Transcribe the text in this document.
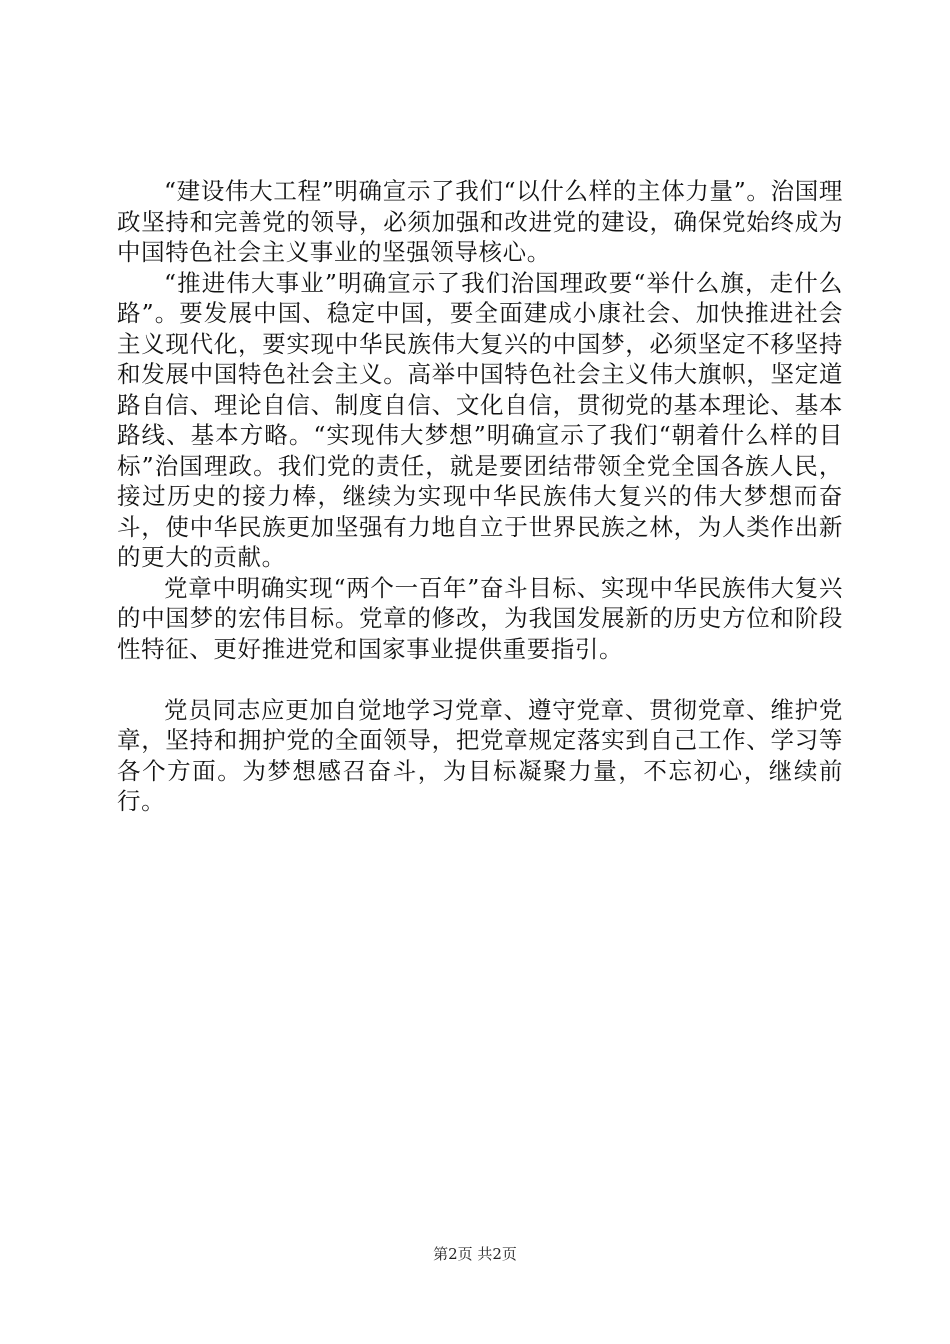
“建设伟大工程”明确宣示了我们“以什么样的主体力量”。治国理政坚持和完善党的领导，必须加强和改进党的建设，确保党始终成为中国特色社会主义事业的坚强领导核心。

“推进伟大事业”明确宣示了我们治国理政要“举什么旗，走什么路”。要发展中国、稳定中国，要全面建成小康社会、加快推进社会主义现代化，要实现中华民族伟大复兴的中国梦，必须坚定不移坚持和发展中国特色社会主义。高举中国特色社会主义伟大旗帜，坚定道路自信、理论自信、制度自信、文化自信，贯彻党的基本理论、基本路线、基本方略。“实现伟大梦想”明确宣示了我们“朝着什么样的目标”治国理政。我们党的责任，就是要团结带领全党全国各族人民，接过历史的接力棒，继续为实现中华民族伟大复兴的伟大梦想而奋斗，使中华民族更加坚强有力地自立于世界民族之林，为人类作出新的更大的贡献。

党章中明确实现“两个一百年”奋斗目标、实现中华民族伟大复兴的中国梦的宏伟目标。党章的修改，为我国发展新的历史方位和阶段性特征、更好推进党和国家事业提供重要指引。

党员同志应更加自觉地学习党章、遵守党章、贯彻党章、维护党章，坚持和拥护党的全面领导，把党章规定落实到自己工作、学习等各个方面。为梦想感召奋斗，为目标凝聚力量，不忘初心，继续前行。

第2页 共2页
